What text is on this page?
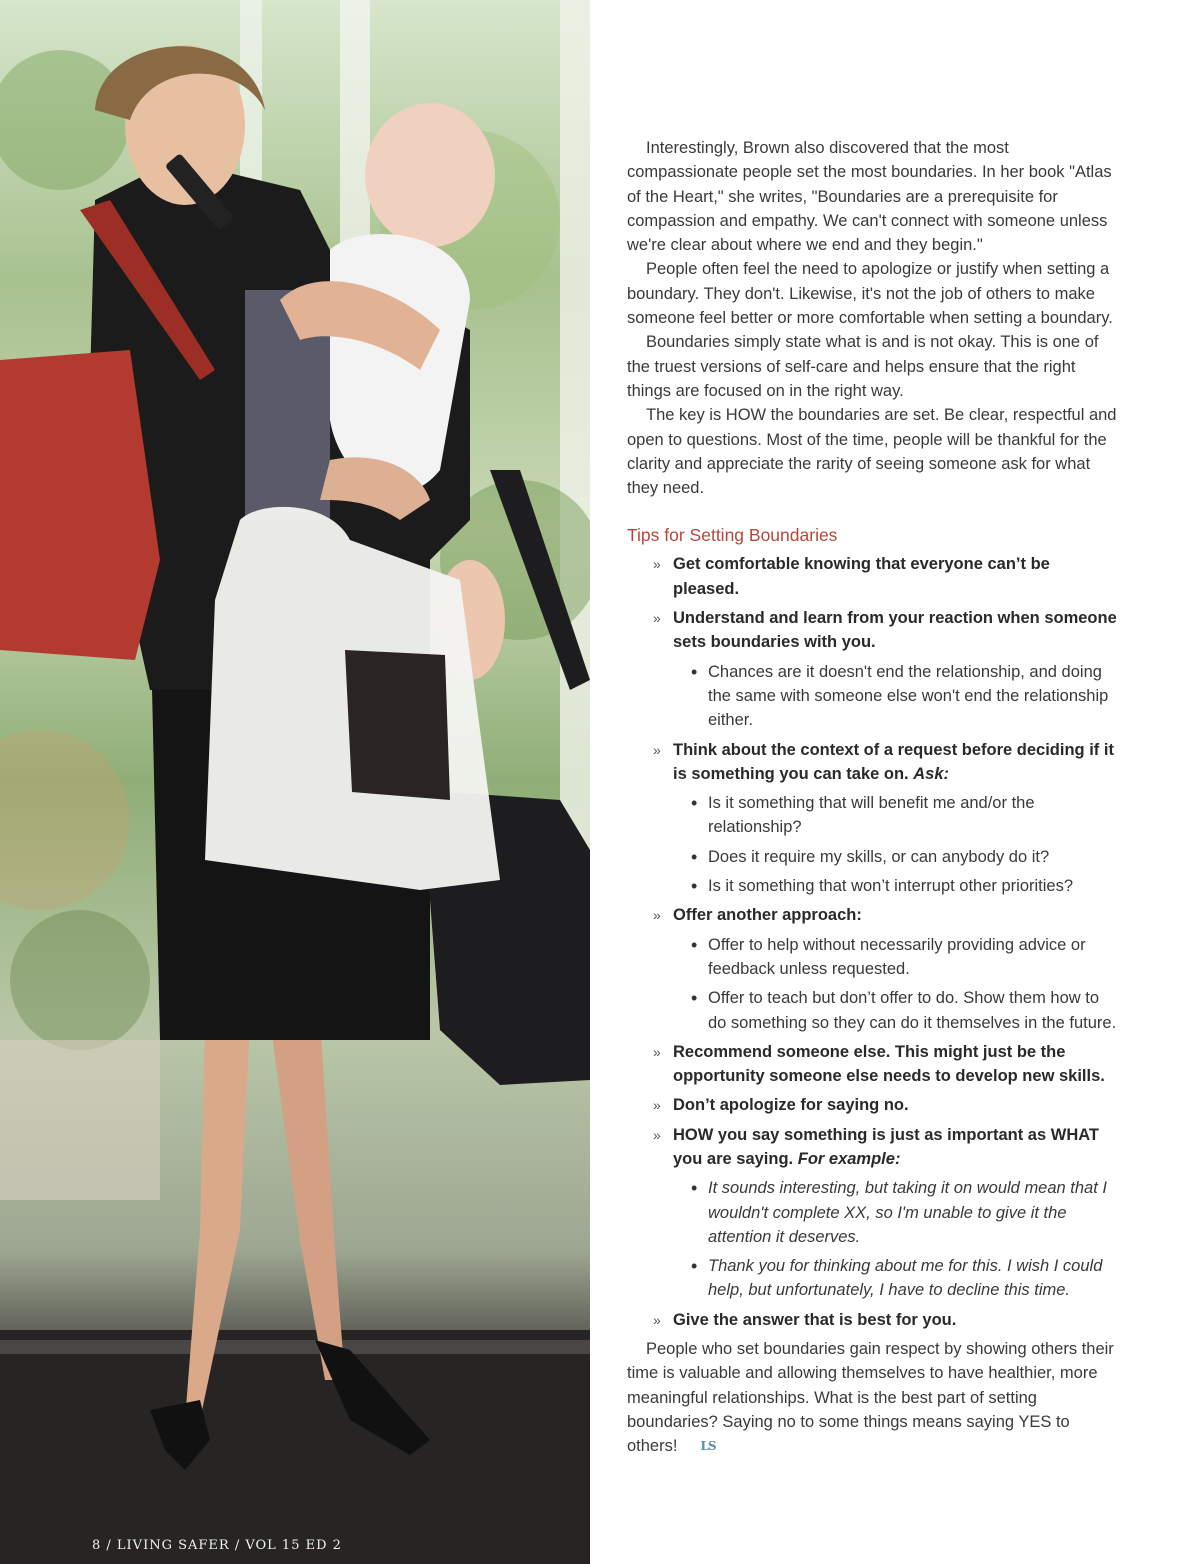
8 / LIVING SAFER / VOL 15 ED 2

Interestingly, Brown also discovered that the most compassionate people set the most boundaries. In her book "Atlas of the Heart," she writes, "Boundaries are a prerequisite for compassion and empathy. We can't connect with someone unless we're clear about where we end and they begin."

People often feel the need to apologize or justify when setting a boundary. They don't. Likewise, it's not the job of others to make someone feel better or more comfortable when setting a boundary.

Boundaries simply state what is and is not okay. This is one of the truest versions of self-care and helps ensure that the right things are focused on in the right way.

The key is HOW the boundaries are set. Be clear, respectful and open to questions. Most of the time, people will be thankful for the clarity and appreciate the rarity of seeing someone ask for what they need.

Tips for Setting Boundaries
» Get comfortable knowing that everyone can’t be pleased.
» Understand and learn from your reaction when someone sets boundaries with you.
• Chances are it doesn't end the relationship, and doing the same with someone else won't end the relationship either.
» Think about the context of a request before deciding if it is something you can take on. Ask:
• Is it something that will benefit me and/or the relationship?
• Does it require my skills, or can anybody do it?
• Is it something that won’t interrupt other priorities?
» Offer another approach:
• Offer to help without necessarily providing advice or feedback unless requested.
• Offer to teach but don’t offer to do. Show them how to do something so they can do it themselves in the future.
» Recommend someone else. This might just be the opportunity someone else needs to develop new skills.
» Don’t apologize for saying no.
» HOW you say something is just as important as WHAT you are saying. For example:
• It sounds interesting, but taking it on would mean that I wouldn't complete XX, so I'm unable to give it the attention it deserves.
• Thank you for thinking about me for this. I wish I could help, but unfortunately, I have to decline this time.
» Give the answer that is best for you.

People who set boundaries gain respect by showing others their time is valuable and allowing themselves to have healthier, more meaningful relationships. What is the best part of setting boundaries? Saying no to some things means saying YES to others! LS
